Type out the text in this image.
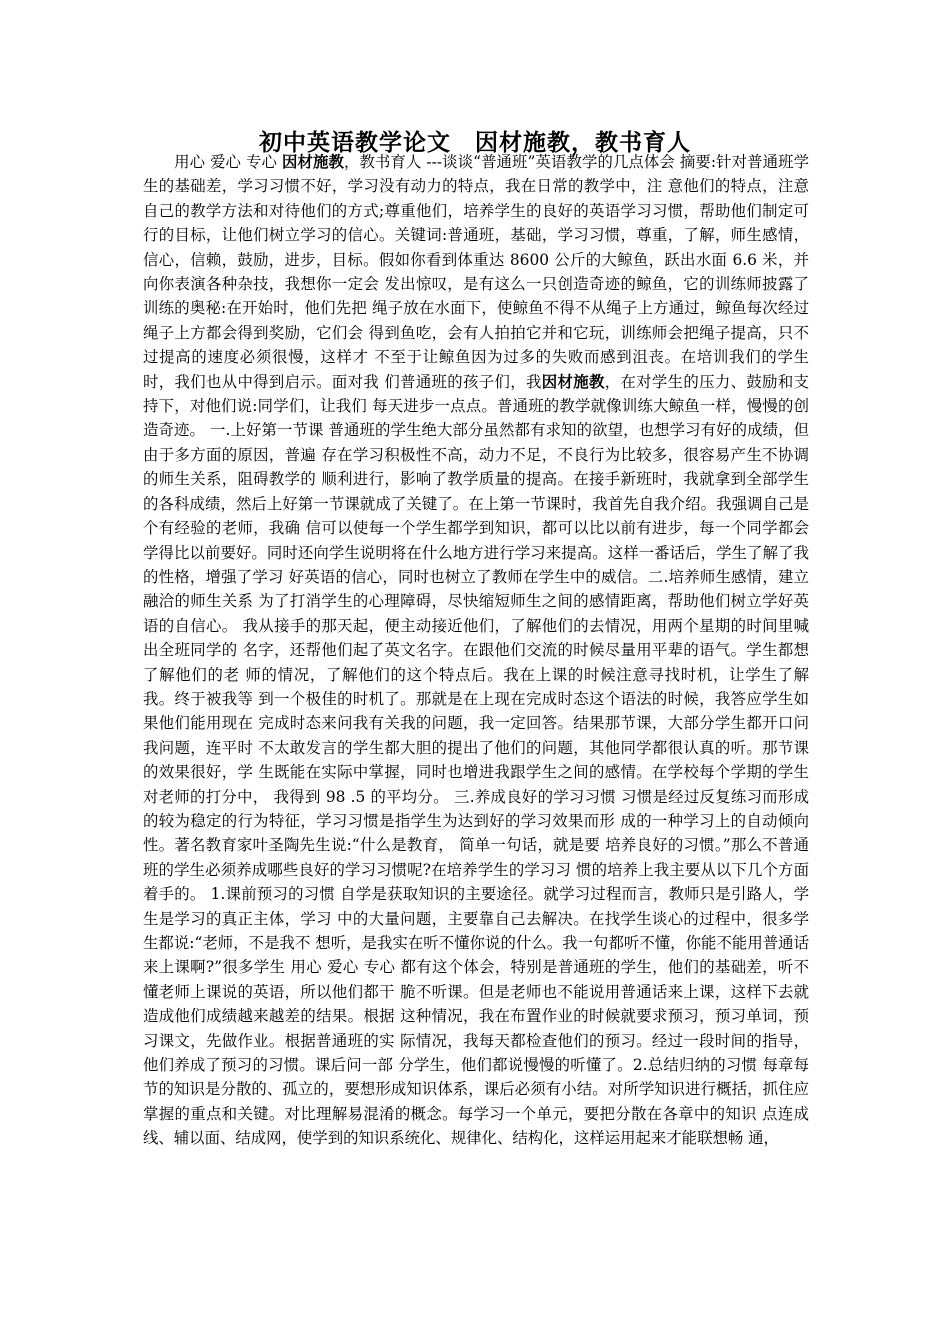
初中英语教学论文 因材施教，教书育人

用心 爱心 专心 因材施教，教书育人 ---谈谈“普通班”英语教学的几点体会 摘要:针对普通班学生的基础差，学习习惯不好，学习没有动力的特点，我在日常的教学中，注 意他们的特点，注意自己的教学方法和对待他们的方式;尊重他们，培养学生的良好的英语学习习惯，帮助他们制定可行的目标，让他们树立学习的信心。关键词:普通班，基础，学习习惯，尊重，了解，师生感情，信心，信赖，鼓励，进步，目标。假如你看到体重达 8600 公斤的大鲸鱼，跃出水面 6.6 米，并向你表演各种杂技，我想你一定会 发出惊叹，是有这么一只创造奇迹的鲸鱼，它的训练师披露了训练的奥秘:在开始时，他们先把 绳子放在水面下，使鲸鱼不得不从绳子上方通过，鲸鱼每次经过绳子上方都会得到奖励，它们会 得到鱼吃，会有人拍拍它并和它玩，训练师会把绳子提高，只不过提高的速度必须很慢，这样才 不至于让鲸鱼因为过多的失败而感到沮丧。在培训我们的学生时，我们也从中得到启示。面对我 们普通班的孩子们，我因材施教，在对学生的压力、鼓励和支持下，对他们说:同学们，让我们 每天进步一点点。普通班的教学就像训练大鲸鱼一样，慢慢的创造奇迹。 一.上好第一节课 普通班的学生绝大部分虽然都有求知的欲望，也想学习有好的成绩，但由于多方面的原因，普遍 存在学习积极性不高，动力不足，不良行为比较多，很容易产生不协调的师生关系，阻碍教学的 顺利进行，影响了教学质量的提高。在接手新班时，我就拿到全部学生的各科成绩，然后上好第一节课就成了关键了。在上第一节课时，我首先自我介绍。我强调自己是个有经验的老师，我确 信可以使每一个学生都学到知识，都可以比以前有进步，每一个同学都会学得比以前要好。同时还向学生说明将在什么地方进行学习来提高。这样一番话后，学生了解了我的性格，增强了学习 好英语的信心，同时也树立了教师在学生中的威信。二.培养师生感情，建立融洽的师生关系 为了打消学生的心理障碍，尽快缩短师生之间的感情距离，帮助他们树立学好英语的自信心。 我从接手的那天起，便主动接近他们，了解他们的去情况，用两个星期的时间里喊出全班同学的 名字，还帮他们起了英文名字。在跟他们交流的时候尽量用平辈的语气。学生都想了解他们的老 师的情况，了解他们的这个特点后。我在上课的时候注意寻找时机，让学生了解我。终于被我等 到一个极佳的时机了。那就是在上现在完成时态这个语法的时候，我答应学生如果他们能用现在 完成时态来问我有关我的问题，我一定回答。结果那节课，大部分学生都开口问我问题，连平时 不太敢发言的学生都大胆的提出了他们的问题，其他同学都很认真的听。那节课的效果很好，学 生既能在实际中掌握，同时也增进我跟学生之间的感情。在学校每个学期的学生对老师的打分中， 我得到 98 .5 的平均分。 三.养成良好的学习习惯 习惯是经过反复练习而形成的较为稳定的行为特征，学习习惯是指学生为达到好的学习效果而形 成的一种学习上的自动倾向性。著名教育家叶圣陶先生说:“什么是教育， 简单一句话，就是要 培养良好的习惯。”那么不普通班的学生必须养成哪些良好的学习习惯呢?在培养学生的学习习 惯的培养上我主要从以下几个方面着手的。 1.课前预习的习惯 自学是获取知识的主要途径。就学习过程而言，教师只是引路人，学生是学习的真正主体，学习 中的大量问题，主要靠自己去解决。在找学生谈心的过程中，很多学生都说:“老师，不是我不 想听，是我实在听不懂你说的什么。我一句都听不懂，你能不能用普通话来上课啊?”很多学生 用心 爱心 专心 都有这个体会，特别是普通班的学生，他们的基础差，听不懂老师上课说的英语，所以他们都干 脆不听课。但是老师也不能说用普通话来上课，这样下去就造成他们成绩越来越差的结果。根据 这种情况，我在布置作业的时候就要求预习，预习单词，预习课文，先做作业。根据普通班的实 际情况，我每天都检查他们的预习。经过一段时间的指导，他们养成了预习的习惯。课后问一部 分学生，他们都说慢慢的听懂了。2.总结归纳的习惯 每章每节的知识是分散的、孤立的，要想形成知识体系，课后必须有小结。对所学知识进行概括，抓住应掌握的重点和关键。对比理解易混淆的概念。每学习一个单元，要把分散在各章中的知识 点连成线、辅以面、结成网，使学到的知识系统化、规律化、结构化，这样运用起来才能联想畅 通，
